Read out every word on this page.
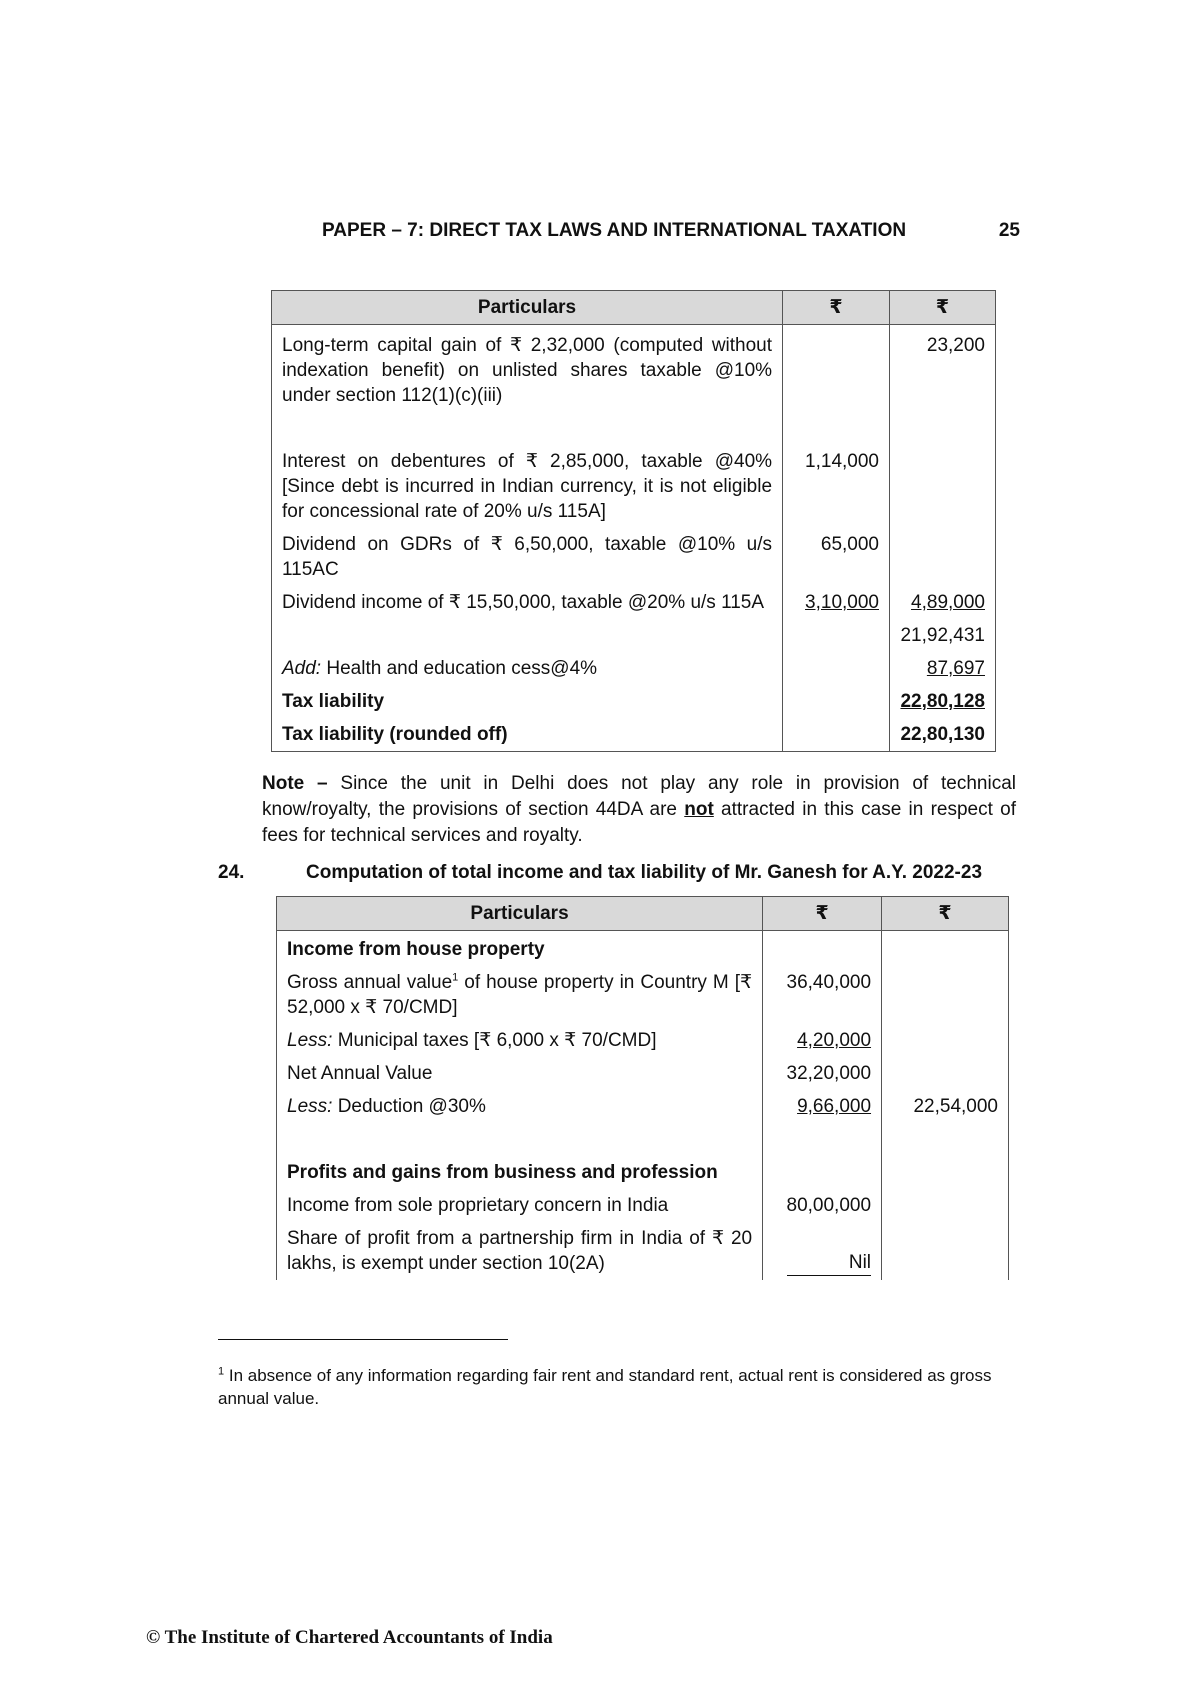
PAPER – 7: DIRECT TAX LAWS AND INTERNATIONAL TAXATION	25
Particulars	₹	₹
Long-term capital gain of ₹ 2,32,000 (computed without indexation benefit) on unlisted shares taxable @10% under section 112(1)(c)(iii)		23,200
Interest on debentures of ₹ 2,85,000, taxable @40% [Since debt is incurred in Indian currency, it is not eligible for concessional rate of 20% u/s 115A]	1,14,000	
Dividend on GDRs of ₹ 6,50,000, taxable @10% u/s 115AC	65,000	
Dividend income of ₹ 15,50,000, taxable @20% u/s 115A	3,10,000	4,89,000
		21,92,431
Add: Health and education cess@4%		87,697
Tax liability		22,80,128
Tax liability (rounded off)		22,80,130
Note – Since the unit in Delhi does not play any role in provision of technical know/royalty, the provisions of section 44DA are not attracted in this case in respect of fees for technical services and royalty.
24.	Computation of total income and tax liability of Mr. Ganesh for A.Y. 2022-23
Particulars	₹	₹
Income from house property		
Gross annual value$^1$ of house property in Country M [₹ 52,000 x ₹ 70/CMD]	36,40,000	
Less: Municipal taxes [₹ 6,000 x ₹ 70/CMD]	4,20,000	
Net Annual Value	32,20,000	
Less: Deduction @30%	9,66,000	22,54,000
Profits and gains from business and profession		
Income from sole proprietary concern in India	80,00,000	
Share of profit from a partnership firm in India of ₹ 20 lakhs, is exempt under section 10(2A)	Nil	
$^1$ In absence of any information regarding fair rent and standard rent, actual rent is considered as gross annual value.
© The Institute of Chartered Accountants of India
